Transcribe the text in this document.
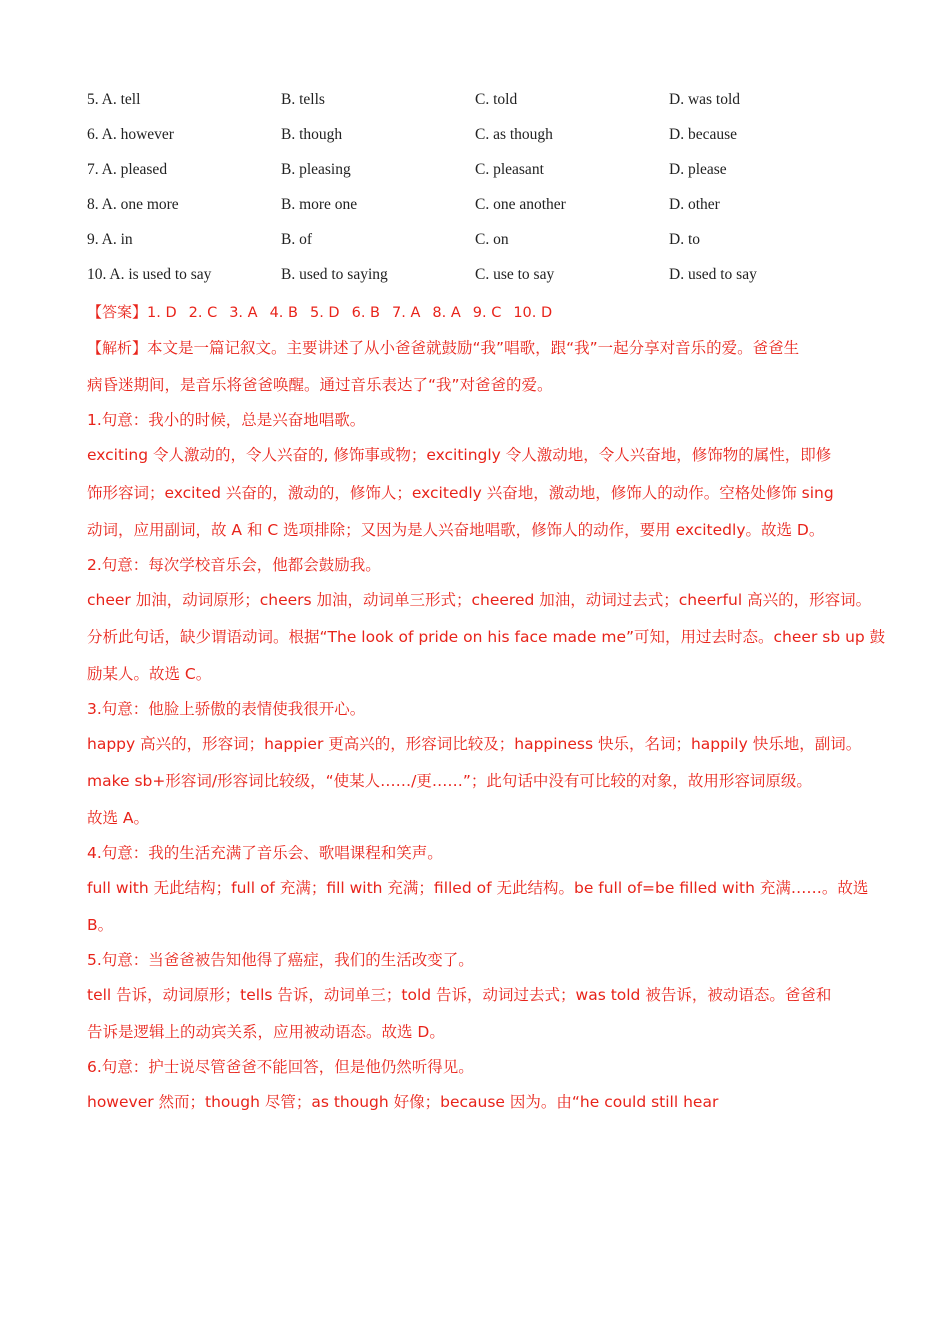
5. A. tell	B. tells	C. told	D. was told
6. A. however	B. though	C. as though	D. because
7. A. pleased	B. pleasing	C. pleasant	D. please
8. A. one more	B. more one	C. one another	D. other
9. A. in	B. of	C. on	D. to
10. A. is used to say	B. used to saying	C. use to say	D. used to say
【答案】1. D 2. C 3. A 4. B 5. D 6. B 7. A 8. A 9. C 10. D
【解析】本文是一篇记叙文。主要讲述了从小爸爸就鼓励“我”唱歌，跟“我”一起分享对音乐的爱。爸爸生
病昏迷期间，是音乐将爸爸唤醒。通过音乐表达了“我”对爸爸的爱。
1.句意：我小的时候，总是兴奋地唱歌。
exciting 令人激动的，令人兴奋的, 修饰事或物；excitingly 令人激动地，令人兴奋地，修饰物的属性，即修
饰形容词；excited 兴奋的，激动的，修饰人；excitedly 兴奋地，激动地，修饰人的动作。空格处修饰 sing
动词，应用副词，故 A 和 C 选项排除；又因为是人兴奋地唱歌，修饰人的动作，要用 excitedly。故选 D。
2.句意：每次学校音乐会，他都会鼓励我。
cheer 加油，动词原形；cheers 加油，动词单三形式；cheered 加油，动词过去式；cheerful 高兴的，形容词。
分析此句话，缺少谓语动词。根据“The look of pride on his face made me”可知，用过去时态。cheer sb up 鼓
励某人。故选 C。
3.句意：他脸上骄傲的表情使我很开心。
happy 高兴的，形容词；happier 更高兴的，形容词比较及；happiness 快乐，名词；happily 快乐地，副词。
make sb+形容词/形容词比较级，“使某人……/更……”；此句话中没有可比较的对象，故用形容词原级。
故选 A。
4.句意：我的生活充满了音乐会、歌唱课程和笑声。
full with 无此结构；full of 充满；fill with 充满；filled of 无此结构。be full of=be filled with 充满……。故选
B。
5.句意：当爸爸被告知他得了癌症，我们的生活改变了。
tell 告诉，动词原形；tells 告诉，动词单三；told 告诉，动词过去式；was told 被告诉，被动语态。爸爸和
告诉是逻辑上的动宾关系，应用被动语态。故选 D。
6.句意：护士说尽管爸爸不能回答，但是他仍然听得见。
however 然而；though 尽管；as though 好像；because 因为。由“he could still hear
